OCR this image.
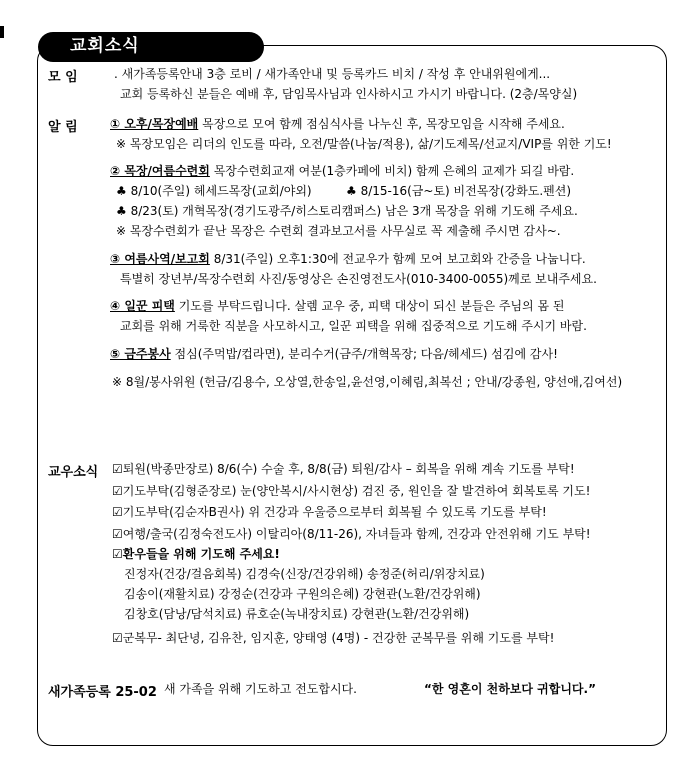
교회소식
모 임	. 새가족등록안내 3층 로비 / 새가족안내 및 등록카드 비치 / 작성 후 안내위원에게...
교회 등록하신 분들은 예배 후, 담임목사님과 인사하시고 가시기 바랍니다. (2층/목양실)
알 림	① 오후/목장예배 목장으로 모여 함께 점심식사를 나누신 후, 목장모임을 시작해 주세요.
※ 목장모임은 리더의 인도를 따라, 오전/말씀(나눔/적용), 삶/기도제목/선교지/VIP를 위한 기도!
② 목장/여름수련회 목장수련회교재 여분(1층카페에 비치) 함께 은혜의 교제가 되길 바람.
♣ 8/10(주일) 헤세드목장(교회/야외)	♣ 8/15-16(금~토) 비전목장(강화도.펜션)
♣ 8/23(토) 개혁목장(경기도광주/히스토리캠퍼스) 남은 3개 목장을 위해 기도해 주세요.
※ 목장수련회가 끝난 목장은 수련회 결과보고서를 사무실로 꼭 제출해 주시면 감사~.
③ 여름사역/보고회 8/31(주일) 오후1:30에 전교우가 함께 모여 보고회와 간증을 나눕니다.
특별히 장년부/목장수련회 사진/동영상은 손진영전도사(010-3400-0055)께로 보내주세요.
④ 일꾼 피택 기도를 부탁드립니다. 살렘 교우 중, 피택 대상이 되신 분들은 주님의 몸 된
교회를 위해 거룩한 직분을 사모하시고, 일꾼 피택을 위해 집중적으로 기도해 주시기 바람.
⑤ 금주봉사 점심(주먹밥/컵라면), 분리수거(금주/개혁목장; 다음/헤세드) 섬김에 감사!
※ 8월/봉사위원 (헌금/김용수, 오상열,한송일,윤선영,이혜림,최복선 ; 안내/강종원, 양선애,김여선)
교우소식 ☑퇴원(박종만장로) 8/6(수) 수술 후, 8/8(금) 퇴원/감사 – 회복을 위해 계속 기도를 부탁!
☑기도부탁(김형준장로) 눈(양안복시/사시현상) 검진 중, 원인을 잘 발견하여 회복토록 기도!
☑기도부탁(김순자B권사) 위 건강과 우울증으로부터 회복될 수 있도록 기도를 부탁!
☑여행/출국(김정숙전도사) 이탈리아(8/11-26), 자녀들과 함께, 건강과 안전위해 기도 부탁!
☑환우들을 위해 기도해 주세요!
진정자(건강/걸음회복) 김경숙(신장/건강위해) 송정준(허리/위장치료)
김송이(재활치료) 강정순(건강과 구원의은혜) 강현관(노환/건강위해)
김창호(담낭/담석치료) 류호순(녹내장치료) 강현관(노환/건강위해)
☑군복무- 최단녕, 김유찬, 임지훈, 양태영 (4명) - 건강한 군복무를 위해 기도를 부탁!
새가족등록 25-02 새 가족을 위해 기도하고 전도합시다.	“한 영혼이 천하보다 귀합니다.”
